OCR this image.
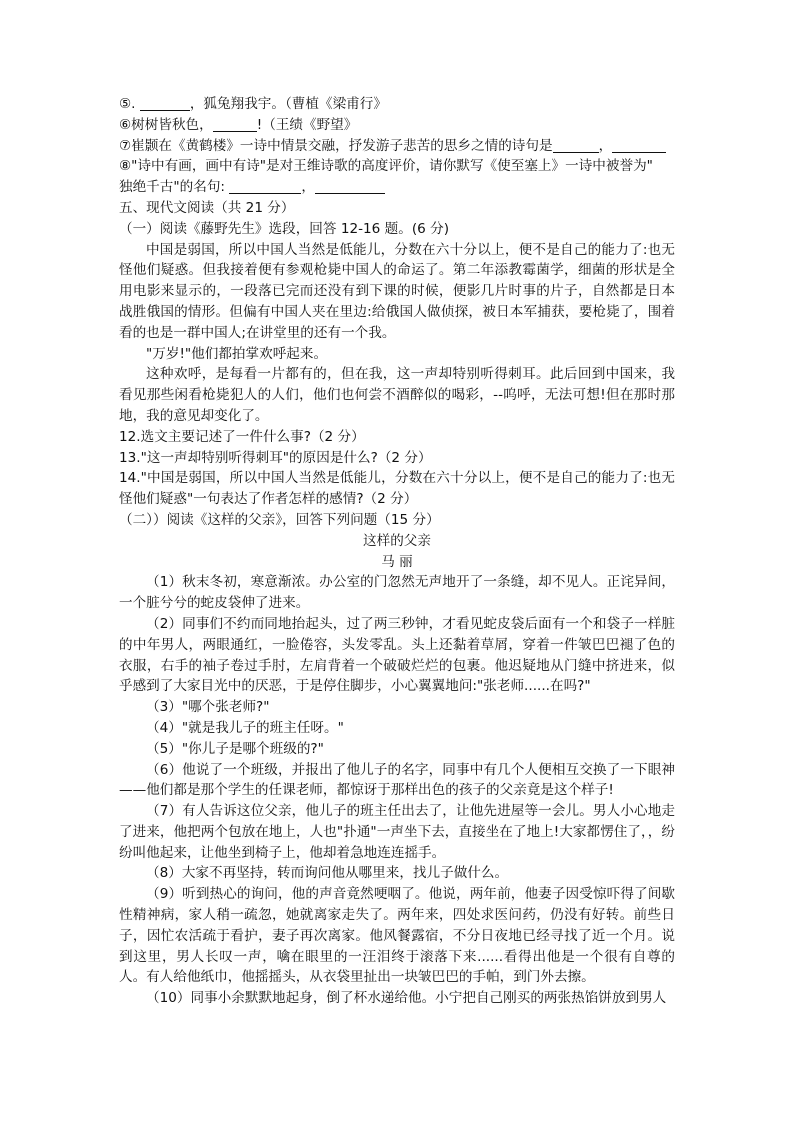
⑤.	，狐兔翔我宇。（曹植《梁甫行》
⑥树树皆秋色，	!（王绩《野望》
⑦崔颢在《黄鹤楼》一诗中情景交融，抒发游子悲苦的思乡之情的诗句是	，
⑧"诗中有画，画中有诗"是对王维诗歌的高度评价，请你默写《使至塞上》一诗中被誉为"
独绝千古"的名句:	，
五、现代文阅读（共 21 分）
（一）阅读《藤野先生》选段，回答 12-16 题。(6 分)
中国是弱国，所以中国人当然是低能儿，分数在六十分以上，便不是自己的能力了:也无怪他们疑惑。但我接着便有参观枪毙中国人的命运了。第二年添教霉菌学，细菌的形状是全用电影来显示的，一段落已完而还没有到下课的时候，便影几片时事的片子，自然都是日本战胜俄国的情形。但偏有中国人夹在里边:给俄国人做侦探，被日本军捕获，要枪毙了，围着看的也是一群中国人;在讲堂里的还有一个我。
"万岁!"他们都拍掌欢呼起来。
这种欢呼，是每看一片都有的，但在我，这一声却特别听得刺耳。此后回到中国来，我看见那些闲看枪毙犯人的人们，他们也何尝不酒醉似的喝彩，--呜呼，无法可想!但在那时那地，我的意见却变化了。
12.选文主要记述了一件什么事?（2 分）
13."这一声却特别听得刺耳"的原因是什么?（2 分）
14."中国是弱国，所以中国人当然是低能儿，分数在六十分以上，便不是自己的能力了:也无怪他们疑惑"一句表达了作者怎样的感情?（2 分）
（二））阅读《这样的父亲》，回答下列问题（15 分）
这样的父亲
马 丽
（1）秋末冬初，寒意渐浓。办公室的门忽然无声地开了一条缝，却不见人。正诧异间，一个脏兮兮的蛇皮袋伸了进来。
（2）同事们不约而同地抬起头，过了两三秒钟，才看见蛇皮袋后面有一个和袋子一样脏的中年男人，两眼通红，一脸倦容，头发零乱。头上还黏着草屑，穿着一件皱巴巴褪了色的衣服，右手的袖子卷过手肘，左肩背着一个破破烂烂的包裹。他迟疑地从门缝中挤进来，似乎感到了大家目光中的厌恶，于是停住脚步，小心翼翼地问:"张老师......在吗?"
（3）"哪个张老师?"
（4）"就是我儿子的班主任呀。"
（5）"你儿子是哪个班级的?"
（6）他说了一个班级，并报出了他儿子的名字，同事中有几个人便相互交换了一下眼神——他们都是那个学生的任课老师，都惊讶于那样出色的孩子的父亲竟是这个样子!
（7）有人告诉这位父亲，他儿子的班主任出去了，让他先进屋等一会儿。男人小心地走了进来，他把两个包放在地上，人也"扑通"一声坐下去，直接坐在了地上!大家都愣住了，，纷纷叫他起来，让他坐到椅子上，他却着急地连连摇手。
（8）大家不再坚持，转而询问他从哪里来，找儿子做什么。
（9）听到热心的询问，他的声音竟然哽咽了。他说，两年前，他妻子因受惊吓得了间歇性精神病，家人稍一疏忽，她就离家走失了。两年来，四处求医问药，仍没有好转。前些日子，因忙农活疏于看护，妻子再次离家。他风餐露宿，不分日夜地已经寻找了近一个月。说到这里，男人长叹一声，噙在眼里的一汪泪终于滚落下来......看得出他是一个很有自尊的人。有人给他纸巾，他摇摇头，从衣袋里扯出一块皱巴巴的手帕，到门外去擦。
（10）同事小余默默地起身，倒了杯水递给他。小宁把自己刚买的两张热馅饼放到男人
